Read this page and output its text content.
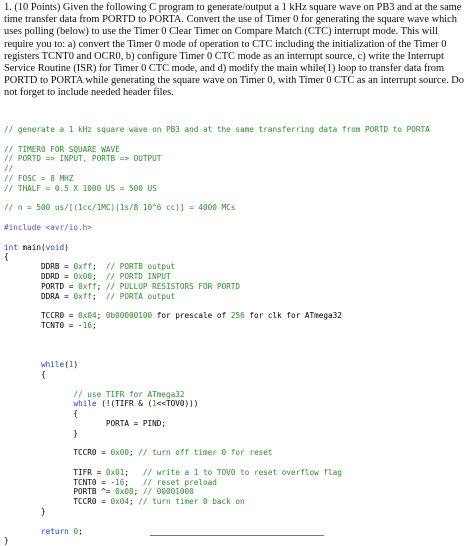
1. (10 Points) Given the following C program to generate/output a 1 kHz square wave on PB3 and at the same
time transfer data from PORTD to PORTA. Convert the use of Timer 0 for generating the square wave which
uses polling (below) to use the Timer 0 Clear Timer on Compare Match (CTC) interrupt mode. This will
require you to: a) convert the Timer 0 mode of operation to CTC including the initialization of the Timer 0
registers TCNT0 and OCR0, b) configure Timer 0 CTC mode as an interrupt source, c) write the Interrupt
Service Routine (ISR) for Timer 0 CTC mode, and d) modify the main while(1) loop to transfer data from
PORTD to PORTA while generating the square wave on Timer 0, with Timer 0 CTC as an interrupt source. Do
not forget to include needed header files.
// generate a 1 kHz square wave on PB3 and at the same transferring data from PORTD to PORTA
// TIMER0 FOR SQUARE WAVE
// PORTD => INPUT, PORTB => OUTPUT
//
// FOSC = 8 MHZ
// THALF = 0.5 X 1000 US = 500 US
// n = 500 us/[(1cc/1MC)(1s/8 10^6 cc)] = 4000 MCs
#include <avr/io.h>
int main(void)
{
DDRB = 0xff;  // PORTB output
DDRD = 0x00;  // PORTD INPUT
PORTD = 0xff; // PULLUP RESISTORS FOR PORTD
DDRA = 0xff;  // PORTA output
TCCR0 = 0x04; 0b00000100 for prescale of 256 for clk for ATmega32
TCNT0 = -16;
while(1)
{
// use TIFR for ATmega32
while (!(TIFR & (1<<TOV0)))
{
PORTA = PIND;
}
TCCR0 = 0x00; // turn off timer 0 for reset
TIFR = 0x01;   // write a 1 to TOV0 to reset overflow flag
TCNT0 = -16;   // reset preload
PORTB ^= 0x08; // 00001000
TCCR0 = 0x04; // turn timer 0 back on
}
return 0;
}
